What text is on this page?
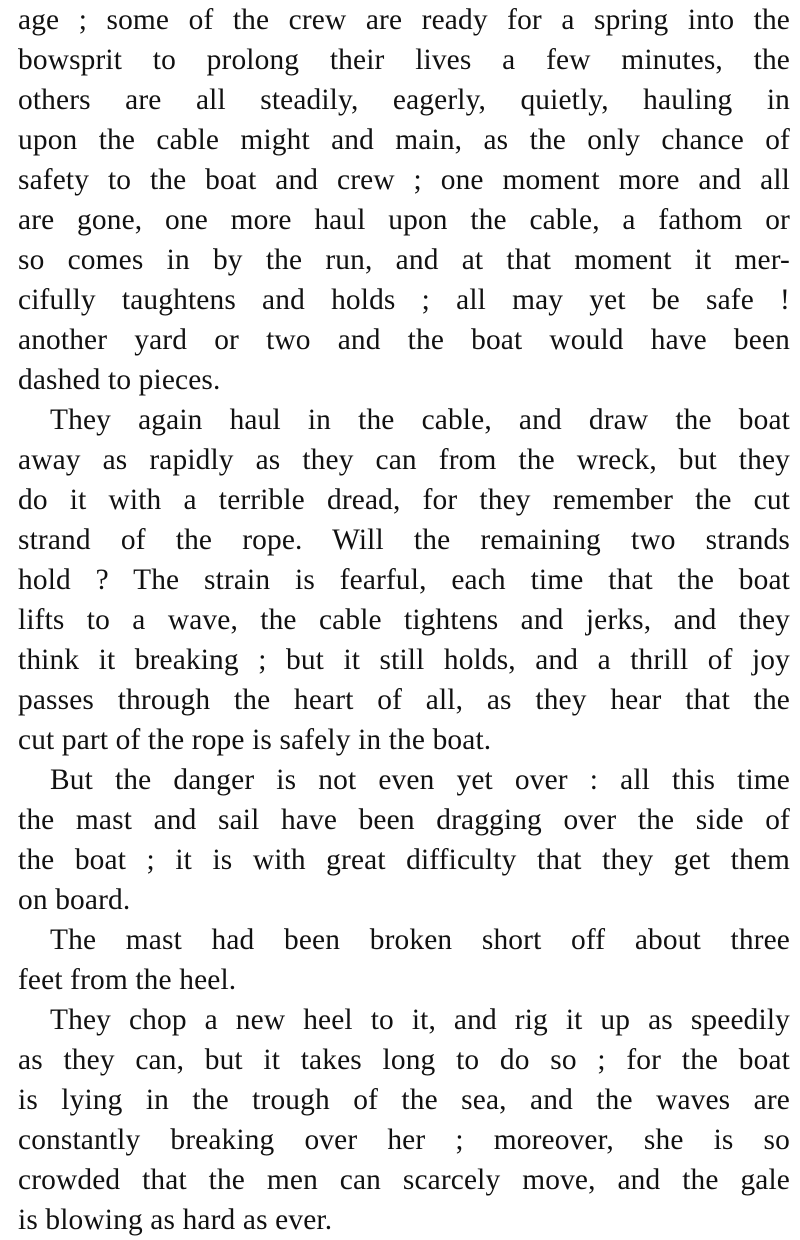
age ; some of the crew are ready for a spring into the
bowsprit to prolong their lives a few minutes, the
others are all steadily, eagerly, quietly, hauling in
upon the cable might and main, as the only chance of
safety to the boat and crew ; one moment more and all
are gone, one more haul upon the cable, a fathom or
so comes in by the run, and at that moment it mer-
cifully taughtens and holds ; all may yet be safe !
another yard or two and the boat would have been
dashed to pieces.
They again haul in the cable, and draw the boat
away as rapidly as they can from the wreck, but they
do it with a terrible dread, for they remember the cut
strand of the rope. Will the remaining two strands
hold ? The strain is fearful, each time that the boat
lifts to a wave, the cable tightens and jerks, and they
think it breaking ; but it still holds, and a thrill of joy
passes through the heart of all, as they hear that the
cut part of the rope is safely in the boat.
But the danger is not even yet over : all this time
the mast and sail have been dragging over the side of
the boat ; it is with great difficulty that they get them
on board.
The mast had been broken short off about three
feet from the heel.
They chop a new heel to it, and rig it up as speedily
as they can, but it takes long to do so ; for the boat
is lying in the trough of the sea, and the waves are
constantly breaking over her ; moreover, she is so
crowded that the men can scarcely move, and the gale
is blowing as hard as ever.
